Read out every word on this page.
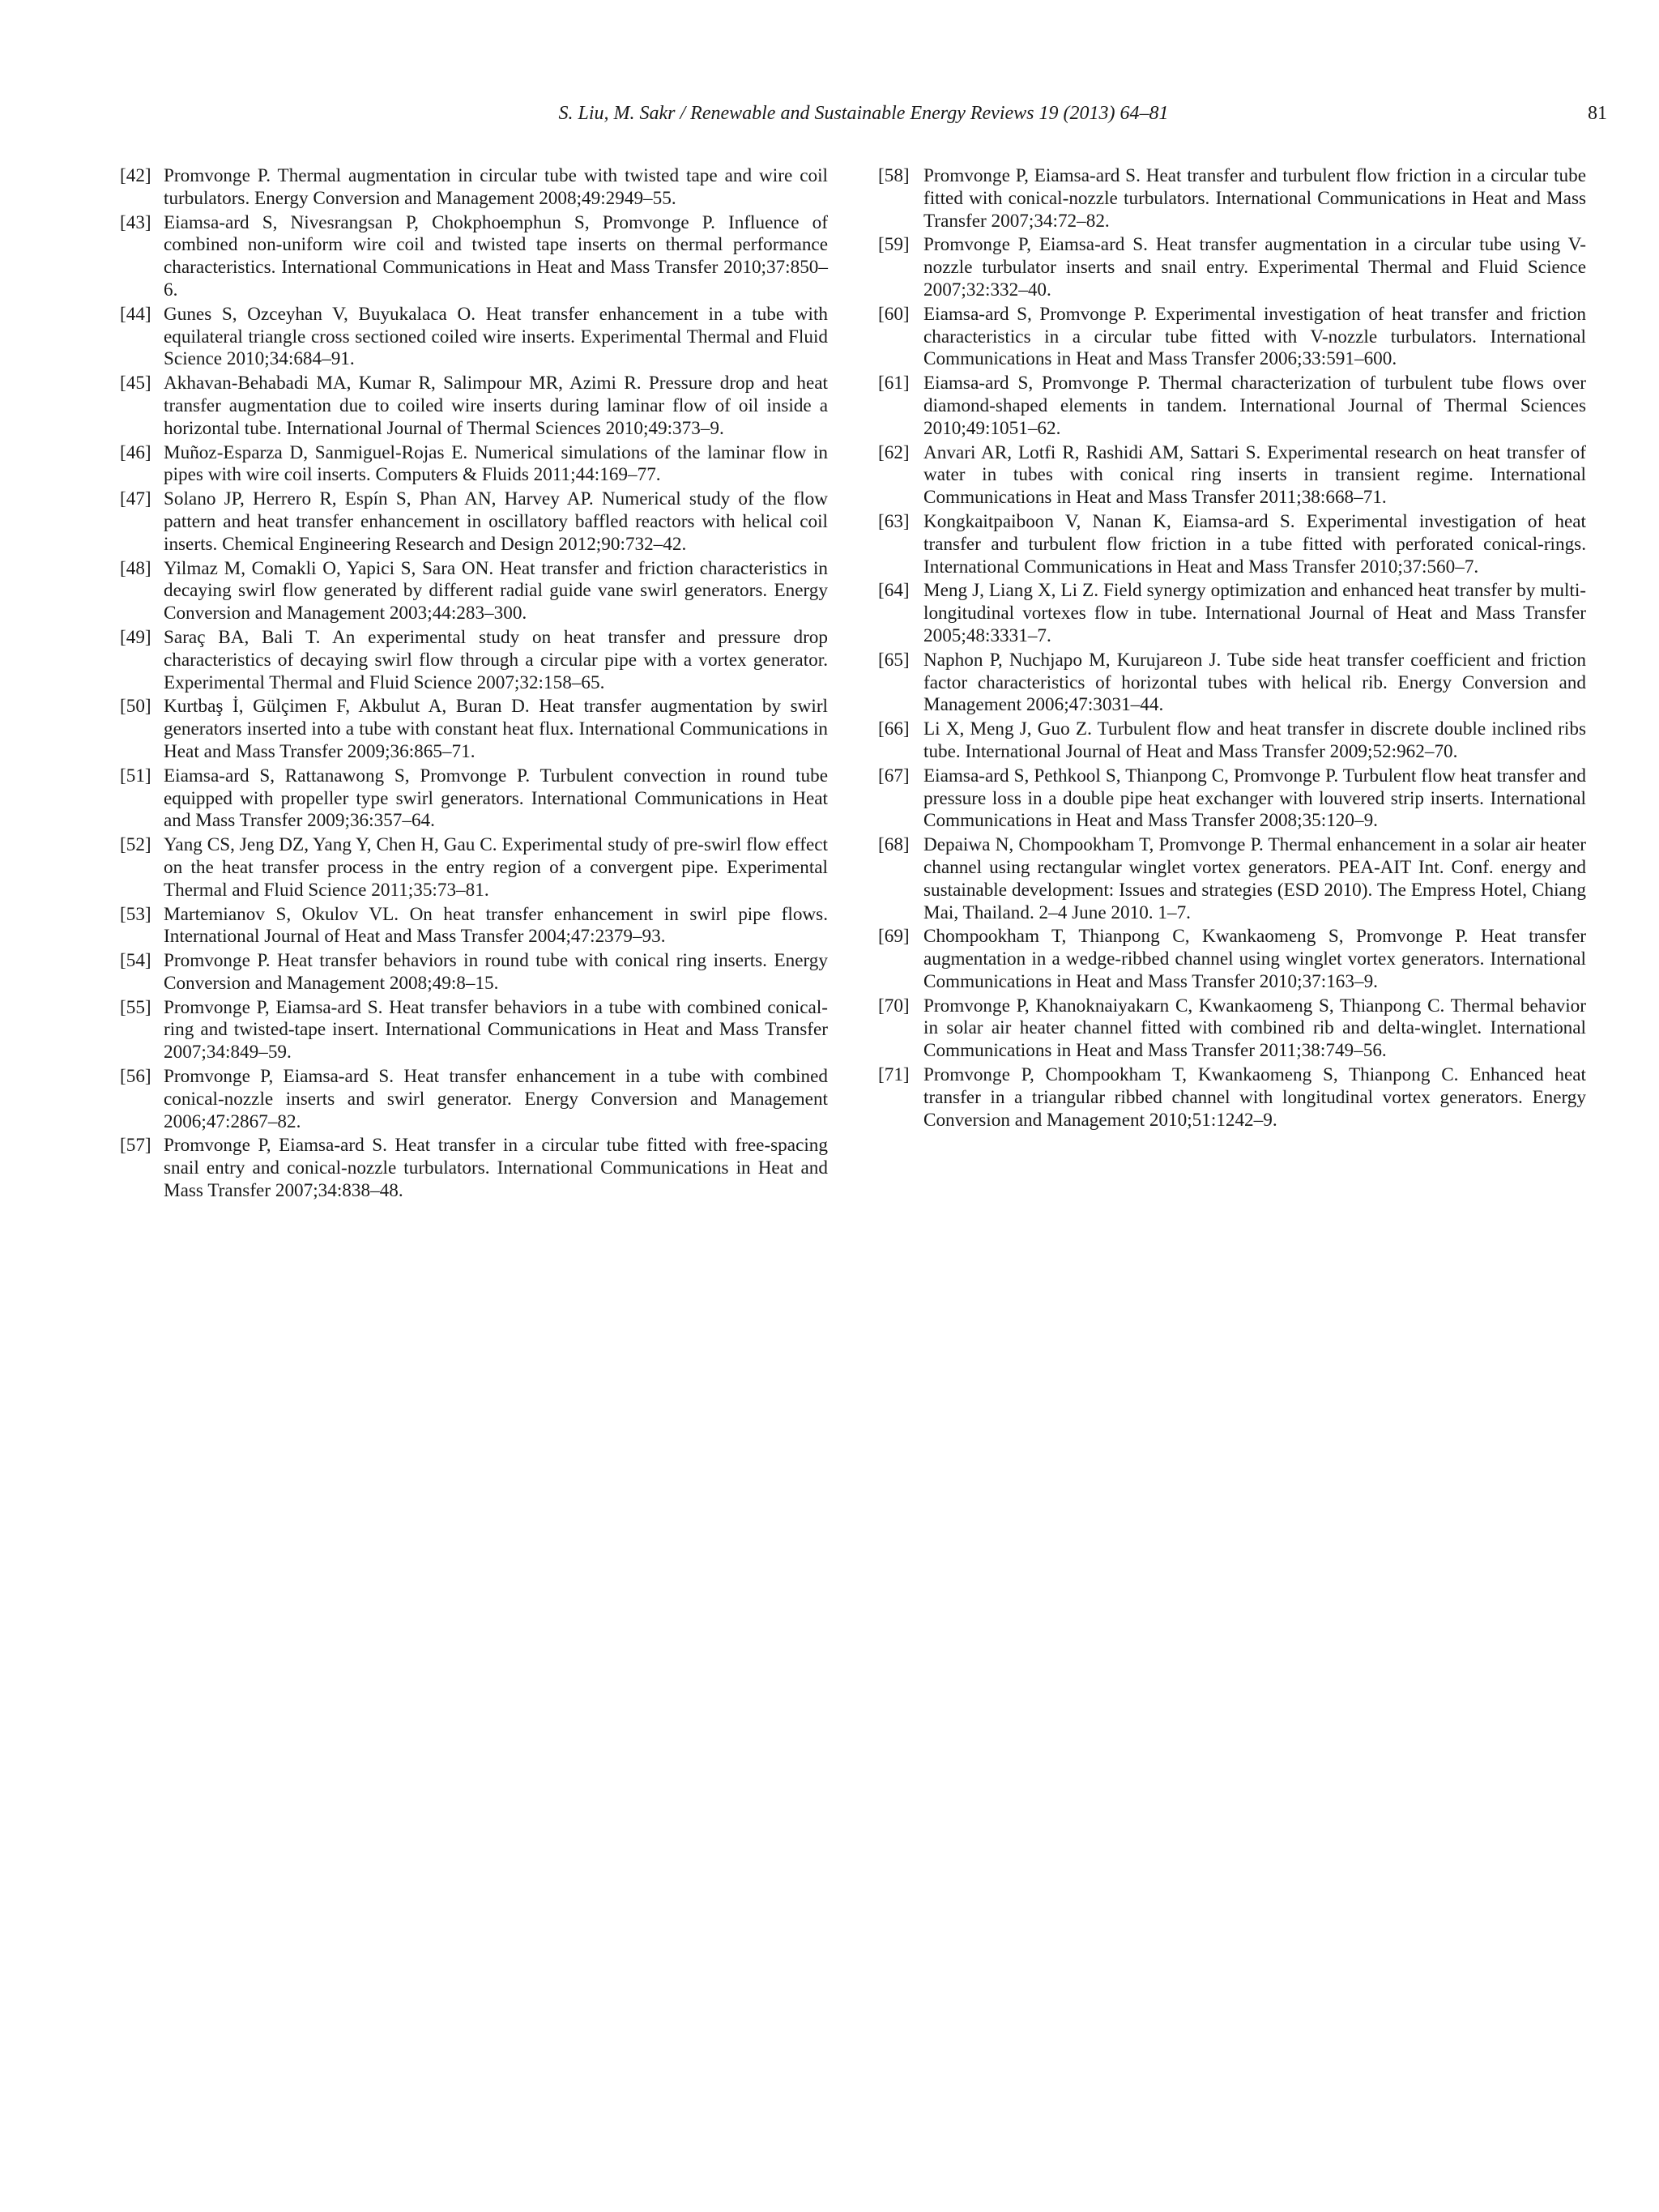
S. Liu, M. Sakr / Renewable and Sustainable Energy Reviews 19 (2013) 64–81	81
[42] Promvonge P. Thermal augmentation in circular tube with twisted tape and wire coil turbulators. Energy Conversion and Management 2008;49:2949–55.
[43] Eiamsa-ard S, Nivesrangsan P, Chokphoemphun S, Promvonge P. Influence of combined non-uniform wire coil and twisted tape inserts on thermal performance characteristics. International Communications in Heat and Mass Transfer 2010;37:850–6.
[44] Gunes S, Ozceyhan V, Buyukalaca O. Heat transfer enhancement in a tube with equilateral triangle cross sectioned coiled wire inserts. Experimental Thermal and Fluid Science 2010;34:684–91.
[45] Akhavan-Behabadi MA, Kumar R, Salimpour MR, Azimi R. Pressure drop and heat transfer augmentation due to coiled wire inserts during laminar flow of oil inside a horizontal tube. International Journal of Thermal Sciences 2010;49:373–9.
[46] Muñoz-Esparza D, Sanmiguel-Rojas E. Numerical simulations of the laminar flow in pipes with wire coil inserts. Computers & Fluids 2011;44:169–77.
[47] Solano JP, Herrero R, Espín S, Phan AN, Harvey AP. Numerical study of the flow pattern and heat transfer enhancement in oscillatory baffled reactors with helical coil inserts. Chemical Engineering Research and Design 2012;90:732–42.
[48] Yilmaz M, Comakli O, Yapici S, Sara ON. Heat transfer and friction characteristics in decaying swirl flow generated by different radial guide vane swirl generators. Energy Conversion and Management 2003;44:283–300.
[49] Saraç BA, Bali T. An experimental study on heat transfer and pressure drop characteristics of decaying swirl flow through a circular pipe with a vortex generator. Experimental Thermal and Fluid Science 2007;32:158–65.
[50] Kurtbaş İ, Gülçimen F, Akbulut A, Buran D. Heat transfer augmentation by swirl generators inserted into a tube with constant heat flux. International Communications in Heat and Mass Transfer 2009;36:865–71.
[51] Eiamsa-ard S, Rattanawong S, Promvonge P. Turbulent convection in round tube equipped with propeller type swirl generators. International Communications in Heat and Mass Transfer 2009;36:357–64.
[52] Yang CS, Jeng DZ, Yang Y, Chen H, Gau C. Experimental study of pre-swirl flow effect on the heat transfer process in the entry region of a convergent pipe. Experimental Thermal and Fluid Science 2011;35:73–81.
[53] Martemianov S, Okulov VL. On heat transfer enhancement in swirl pipe flows. International Journal of Heat and Mass Transfer 2004;47:2379–93.
[54] Promvonge P. Heat transfer behaviors in round tube with conical ring inserts. Energy Conversion and Management 2008;49:8–15.
[55] Promvonge P, Eiamsa-ard S. Heat transfer behaviors in a tube with combined conical-ring and twisted-tape insert. International Communications in Heat and Mass Transfer 2007;34:849–59.
[56] Promvonge P, Eiamsa-ard S. Heat transfer enhancement in a tube with combined conical-nozzle inserts and swirl generator. Energy Conversion and Management 2006;47:2867–82.
[57] Promvonge P, Eiamsa-ard S. Heat transfer in a circular tube fitted with free-spacing snail entry and conical-nozzle turbulators. International Communications in Heat and Mass Transfer 2007;34:838–48.
[58] Promvonge P, Eiamsa-ard S. Heat transfer and turbulent flow friction in a circular tube fitted with conical-nozzle turbulators. International Communications in Heat and Mass Transfer 2007;34:72–82.
[59] Promvonge P, Eiamsa-ard S. Heat transfer augmentation in a circular tube using V-nozzle turbulator inserts and snail entry. Experimental Thermal and Fluid Science 2007;32:332–40.
[60] Eiamsa-ard S, Promvonge P. Experimental investigation of heat transfer and friction characteristics in a circular tube fitted with V-nozzle turbulators. International Communications in Heat and Mass Transfer 2006;33:591–600.
[61] Eiamsa-ard S, Promvonge P. Thermal characterization of turbulent tube flows over diamond-shaped elements in tandem. International Journal of Thermal Sciences 2010;49:1051–62.
[62] Anvari AR, Lotfi R, Rashidi AM, Sattari S. Experimental research on heat transfer of water in tubes with conical ring inserts in transient regime. International Communications in Heat and Mass Transfer 2011;38:668–71.
[63] Kongkaitpaiboon V, Nanan K, Eiamsa-ard S. Experimental investigation of heat transfer and turbulent flow friction in a tube fitted with perforated conical-rings. International Communications in Heat and Mass Transfer 2010;37:560–7.
[64] Meng J, Liang X, Li Z. Field synergy optimization and enhanced heat transfer by multi-longitudinal vortexes flow in tube. International Journal of Heat and Mass Transfer 2005;48:3331–7.
[65] Naphon P, Nuchjapo M, Kurujareon J. Tube side heat transfer coefficient and friction factor characteristics of horizontal tubes with helical rib. Energy Conversion and Management 2006;47:3031–44.
[66] Li X, Meng J, Guo Z. Turbulent flow and heat transfer in discrete double inclined ribs tube. International Journal of Heat and Mass Transfer 2009;52:962–70.
[67] Eiamsa-ard S, Pethkool S, Thianpong C, Promvonge P. Turbulent flow heat transfer and pressure loss in a double pipe heat exchanger with louvered strip inserts. International Communications in Heat and Mass Transfer 2008;35:120–9.
[68] Depaiwa N, Chompookham T, Promvonge P. Thermal enhancement in a solar air heater channel using rectangular winglet vortex generators. PEA-AIT Int. Conf. energy and sustainable development: Issues and strategies (ESD 2010). The Empress Hotel, Chiang Mai, Thailand. 2–4 June 2010. 1–7.
[69] Chompookham T, Thianpong C, Kwankaomeng S, Promvonge P. Heat transfer augmentation in a wedge-ribbed channel using winglet vortex generators. International Communications in Heat and Mass Transfer 2010;37:163–9.
[70] Promvonge P, Khanoknaiyakarn C, Kwankaomeng S, Thianpong C. Thermal behavior in solar air heater channel fitted with combined rib and delta-winglet. International Communications in Heat and Mass Transfer 2011;38:749–56.
[71] Promvonge P, Chompookham T, Kwankaomeng S, Thianpong C. Enhanced heat transfer in a triangular ribbed channel with longitudinal vortex generators. Energy Conversion and Management 2010;51:1242–9.
